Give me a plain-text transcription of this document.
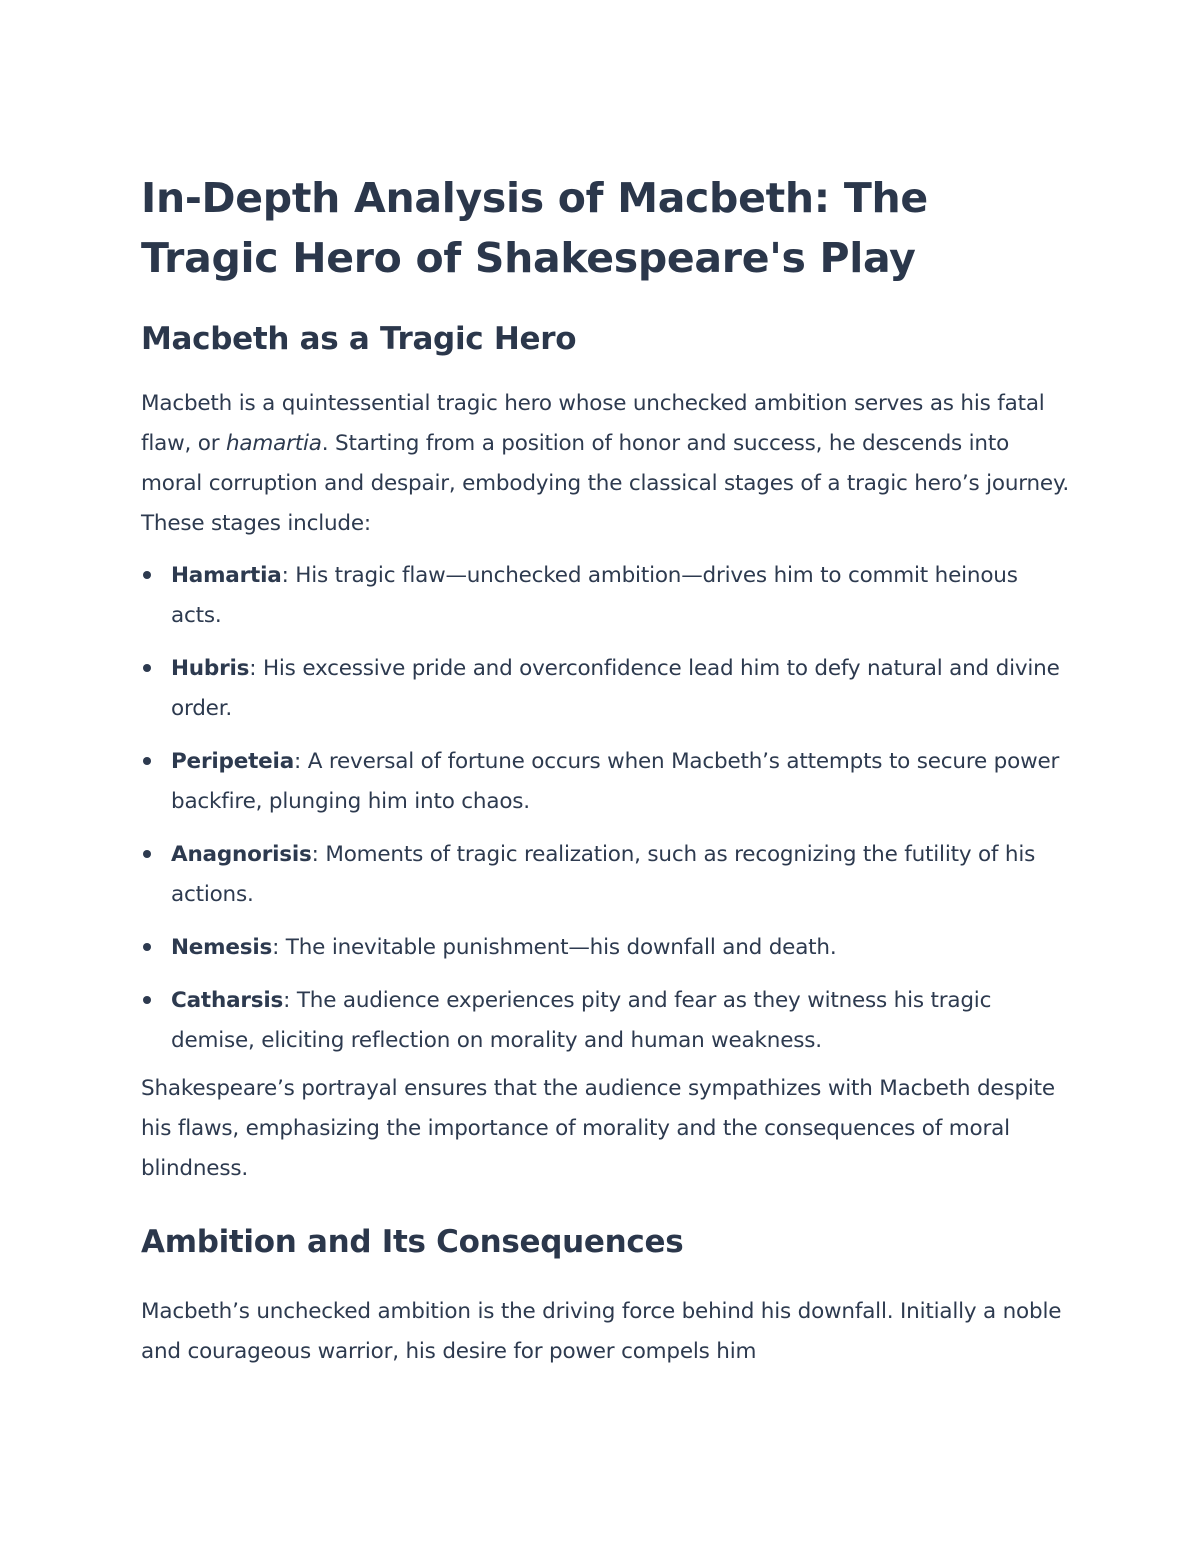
In-Depth Analysis of Macbeth: The Tragic Hero of Shakespeare's Play
Macbeth as a Tragic Hero

Macbeth is a quintessential tragic hero whose unchecked ambition serves as his fatal flaw, or hamartia. Starting from a position of honor and success, he descends into moral corruption and despair, embodying the classical stages of a tragic hero’s journey. These stages include:

Hamartia: His tragic flaw—unchecked ambition—drives him to commit heinous acts.
Hubris: His excessive pride and overconfidence lead him to defy natural and divine order.
Peripeteia: A reversal of fortune occurs when Macbeth’s attempts to secure power backfire, plunging him into chaos.
Anagnorisis: Moments of tragic realization, such as recognizing the futility of his actions.
Nemesis: The inevitable punishment—his downfall and death.
Catharsis: The audience experiences pity and fear as they witness his tragic demise, eliciting reflection on morality and human weakness.

Shakespeare’s portrayal ensures that the audience sympathizes with Macbeth despite his flaws, emphasizing the importance of morality and the consequences of moral blindness.

Ambition and Its Consequences

Macbeth’s unchecked ambition is the driving force behind his downfall. Initially a noble and courageous warrior, his desire for power compels him
